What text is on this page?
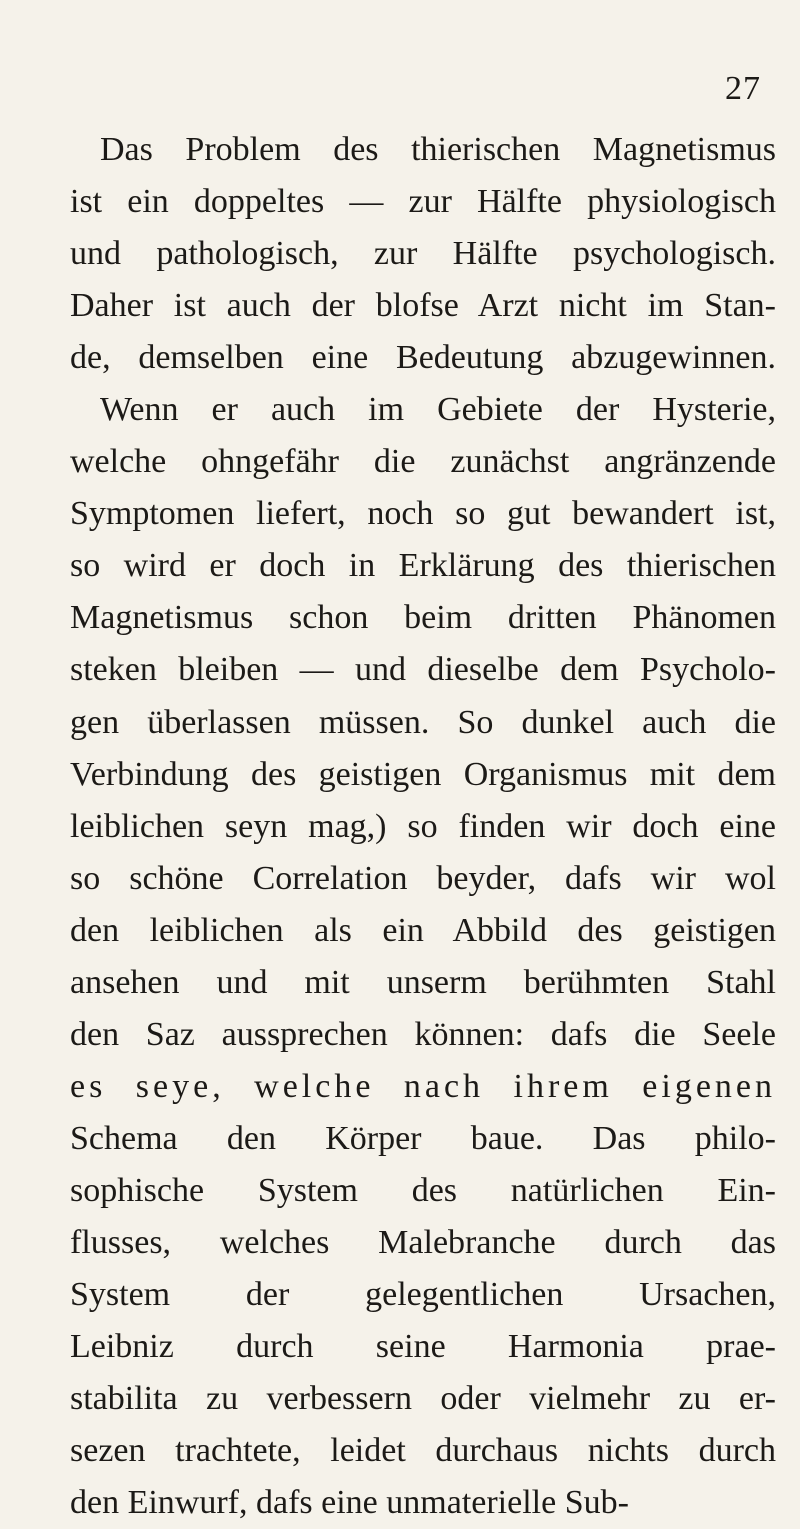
27
Das Problem des thierischen Magnetismus
ist ein doppeltes — zur Hälfte physiologisch
und pathologisch, zur Hälfte psychologisch.
Daher ist auch der blofse Arzt nicht im Stan-
de, demselben eine Bedeutung abzugewinnen.
Wenn er auch im Gebiete der Hysterie,
welche ohngefähr die zunächst angränzende
Symptomen liefert, noch so gut bewandert ist,
so wird er doch in Erklärung des thierischen
Magnetismus schon beim dritten Phänomen
steken bleiben — und dieselbe dem Psycholo-
gen überlassen müssen. So dunkel auch die
Verbindung des geistigen Organismus mit dem
leiblichen seyn mag,) so finden wir doch eine
so schöne Correlation beyder, dafs wir wol
den leiblichen als ein Abbild des geistigen
ansehen und mit unserm berühmten Stahl
den Saz aussprechen können: dafs die Seele
es seye, welche nach ihrem eigenen
Schema den Körper baue. Das philo-
sophische System des natürlichen Ein-
flusses, welches Malebranche durch das
System der gelegentlichen Ursachen,
Leibniz durch seine Harmonia prae-
stabilita zu verbessern oder vielmehr zu er-
sezen trachtete, leidet durchaus nichts durch
den Einwurf, dafs eine unmaterielle Sub-
